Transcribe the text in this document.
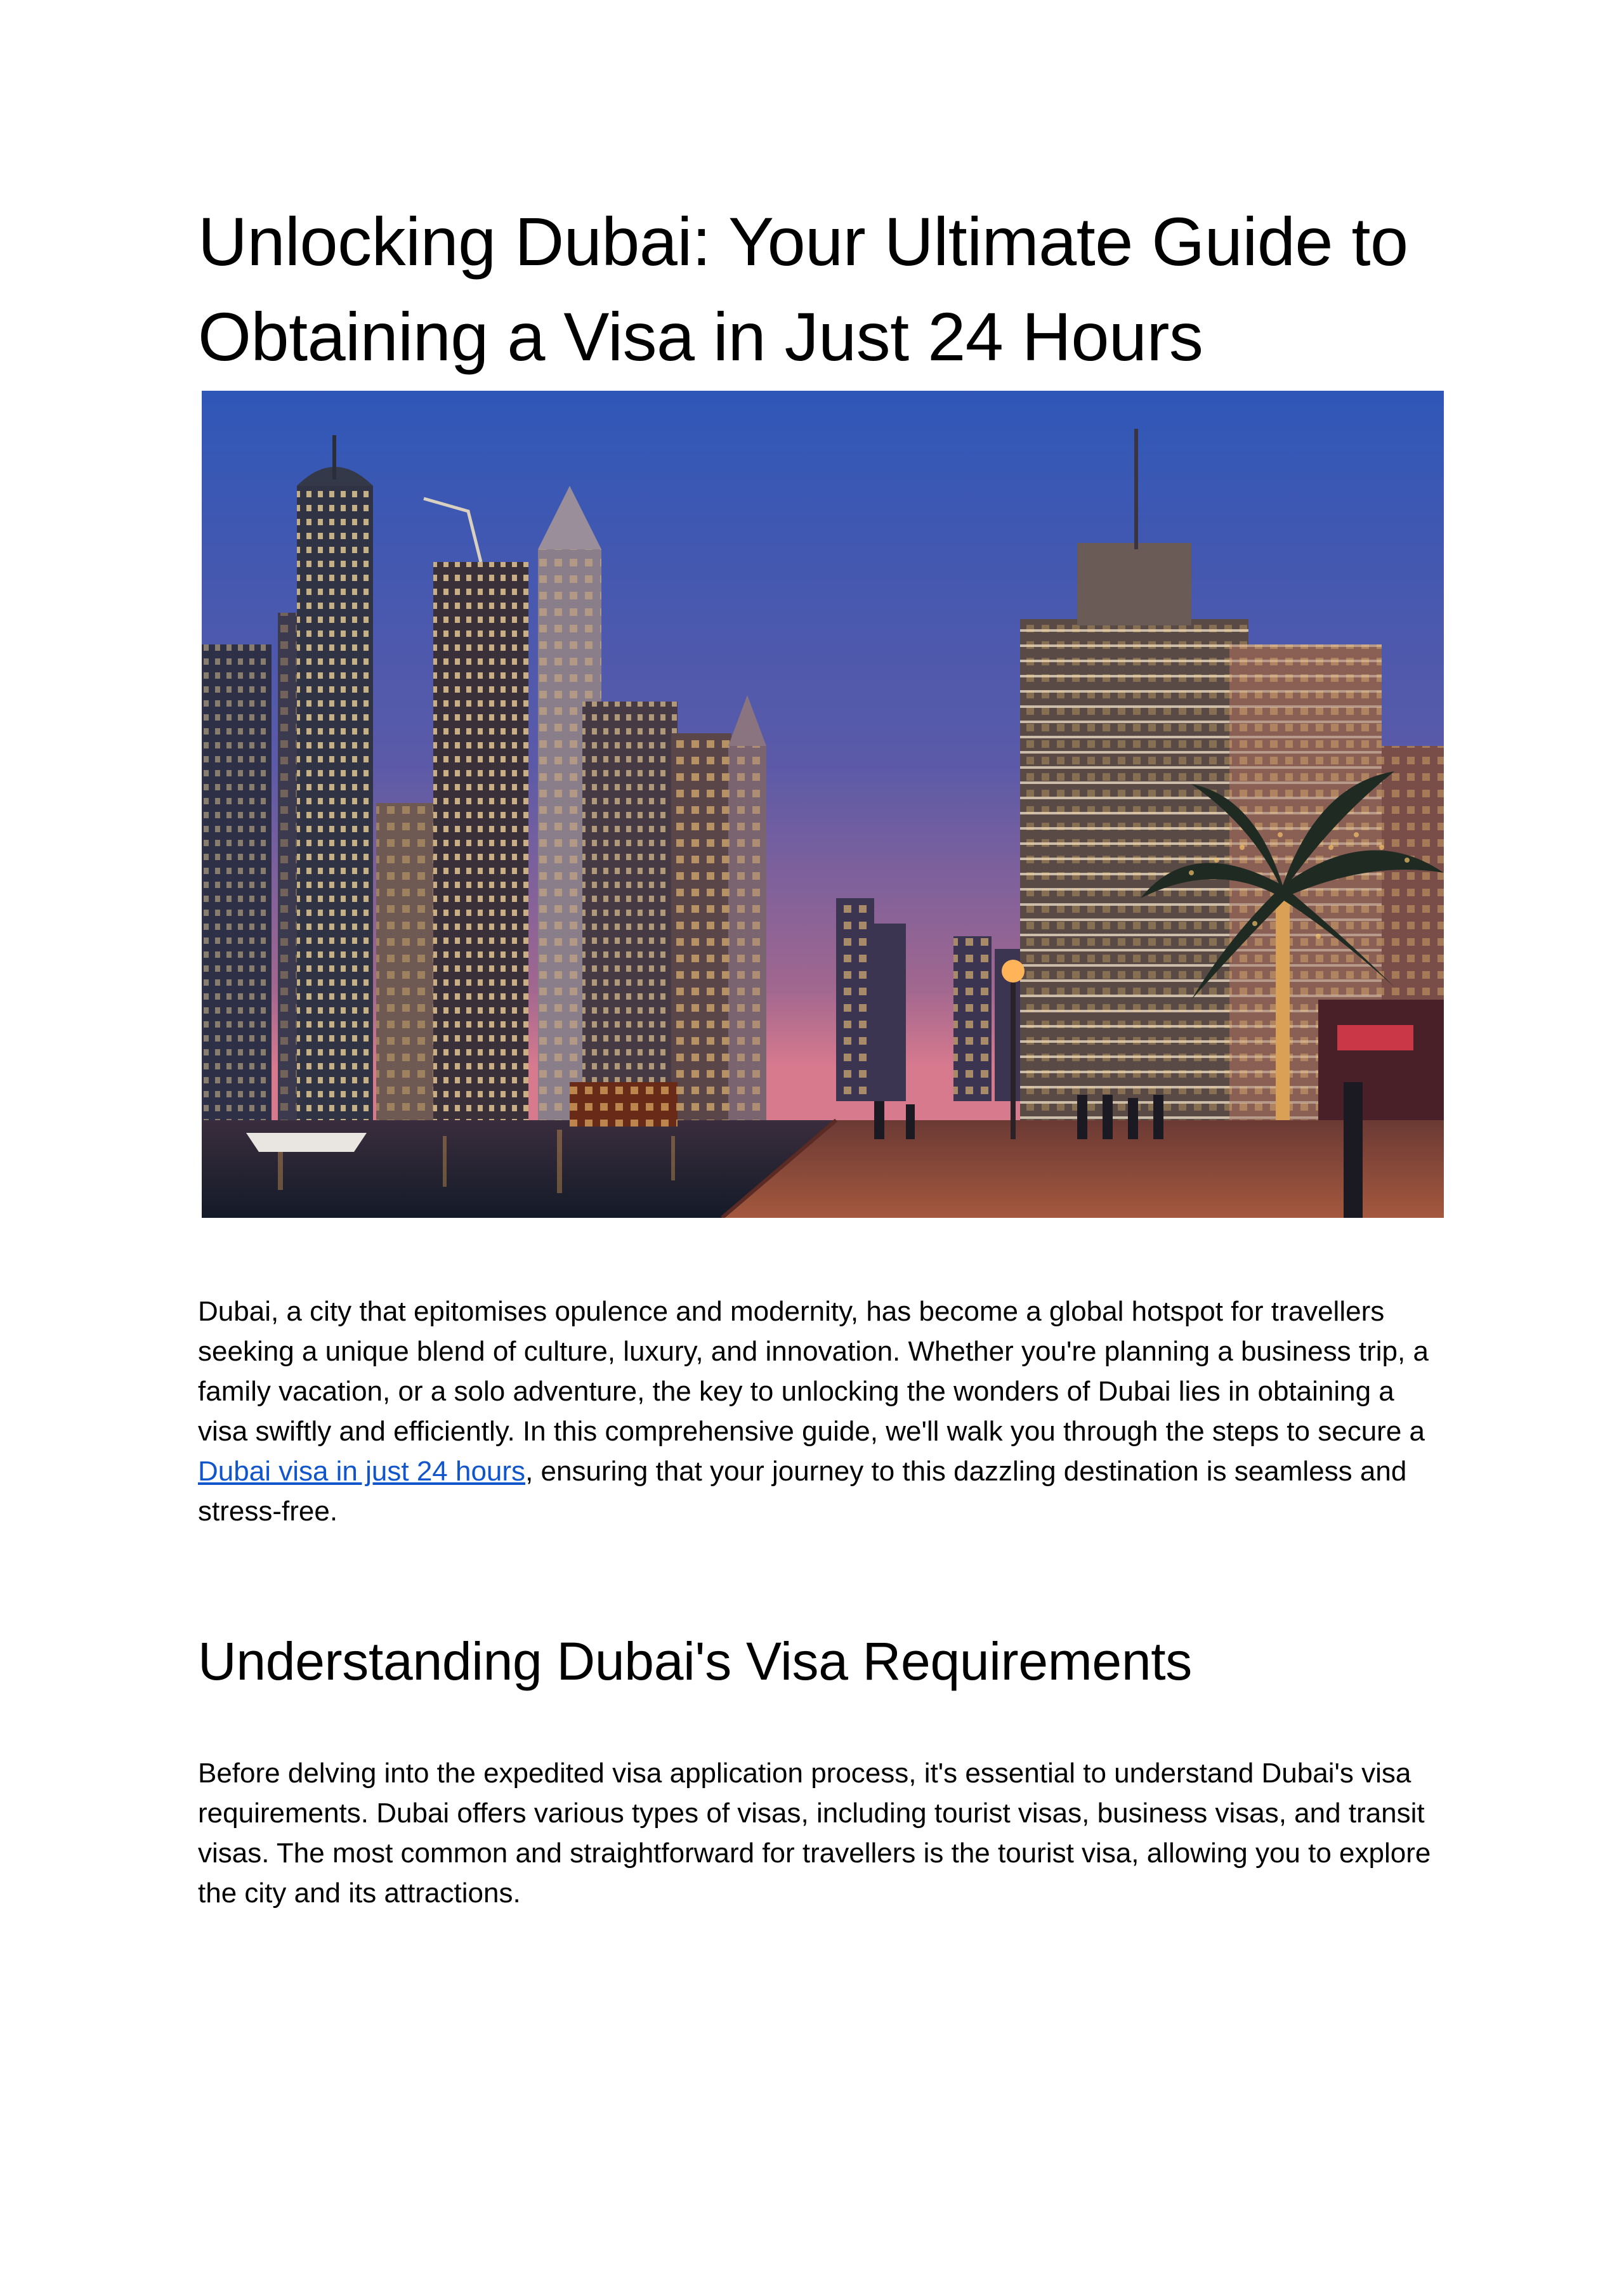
Unlocking Dubai: Your Ultimate Guide to Obtaining a Visa in Just 24 Hours

Dubai, a city that epitomises opulence and modernity, has become a global hotspot for travellers seeking a unique blend of culture, luxury, and innovation. Whether you're planning a business trip, a family vacation, or a solo adventure, the key to unlocking the wonders of Dubai lies in obtaining a visa swiftly and efficiently. In this comprehensive guide, we'll walk you through the steps to secure a Dubai visa in just 24 hours, ensuring that your journey to this dazzling destination is seamless and stress-free.

Understanding Dubai's Visa Requirements

Before delving into the expedited visa application process, it's essential to understand Dubai's visa requirements. Dubai offers various types of visas, including tourist visas, business visas, and transit visas. The most common and straightforward for travellers is the tourist visa, allowing you to explore the city and its attractions.
